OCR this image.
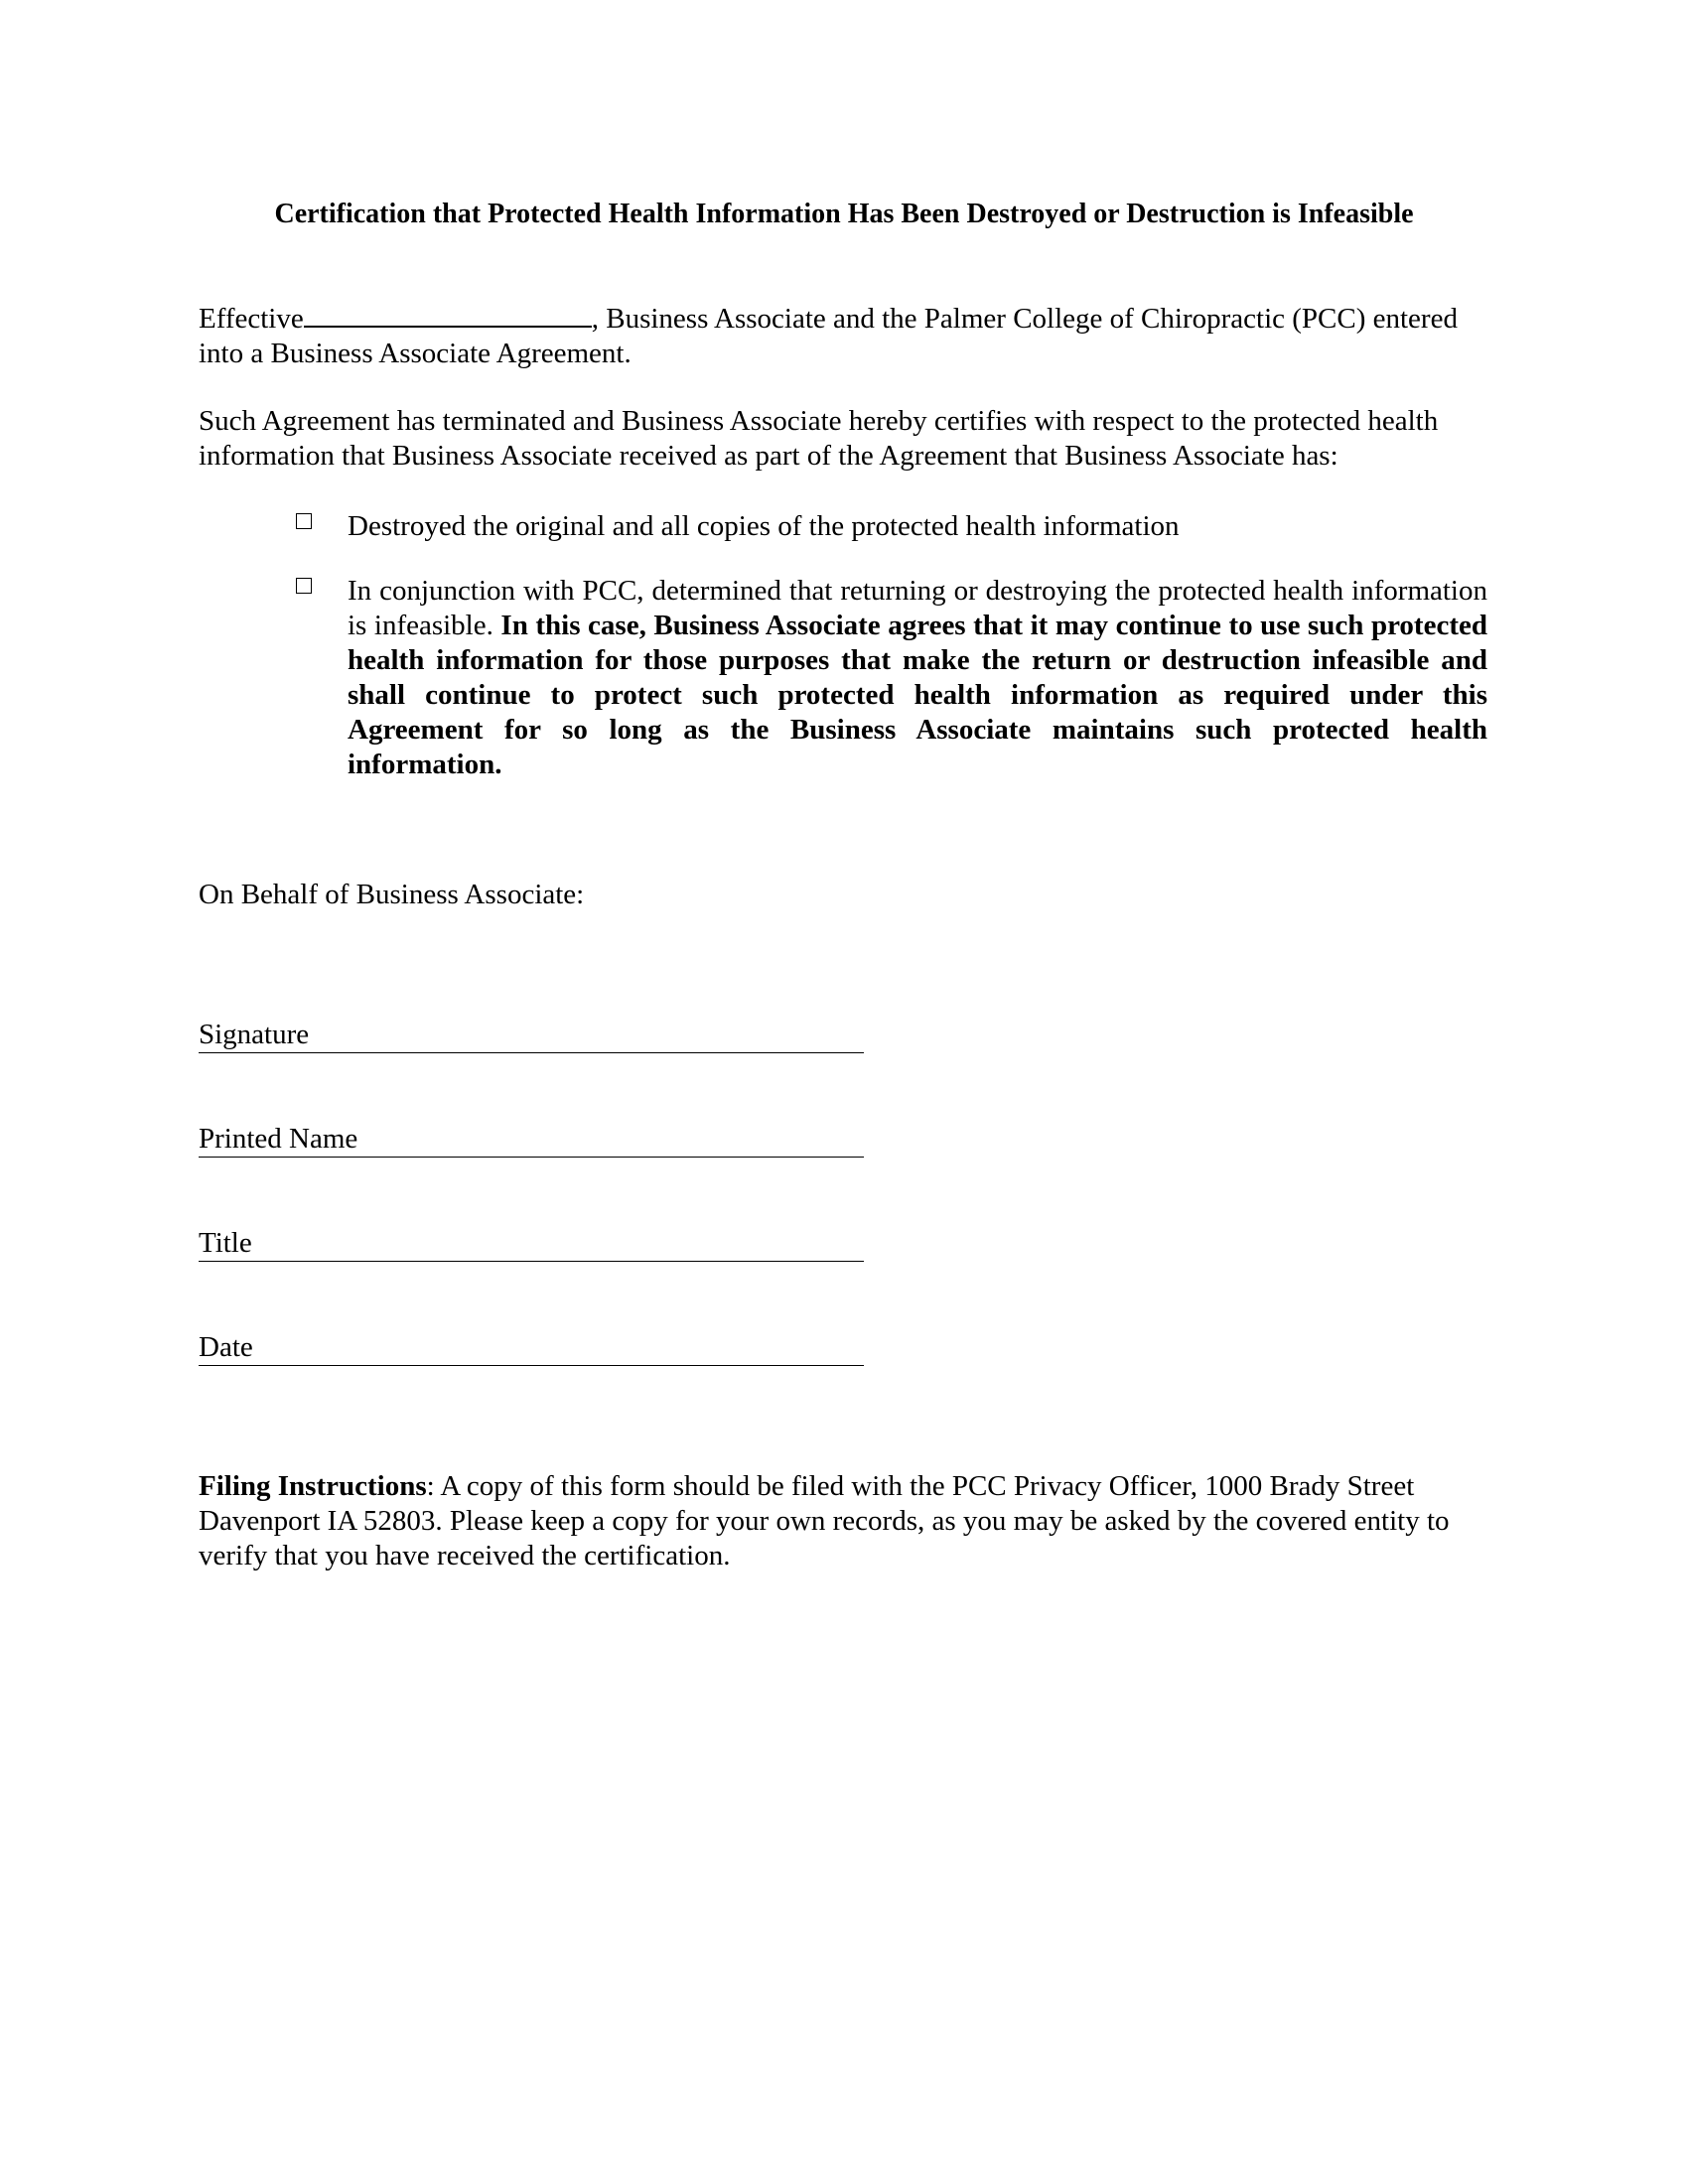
Certification that Protected Health Information Has Been Destroyed or Destruction is Infeasible
Effective	, Business Associate and the Palmer College of Chiropractic (PCC) entered into a Business Associate Agreement.
Such Agreement has terminated and Business Associate hereby certifies with respect to the protected health information that Business Associate received as part of the Agreement that Business Associate has:
Destroyed the original and all copies of the protected health information
In conjunction with PCC, determined that returning or destroying the protected health information is infeasible. In this case, Business Associate agrees that it may continue to use such protected health information for those purposes that make the return or destruction infeasible and shall continue to protect such protected health information as required under this Agreement for so long as the Business Associate maintains such protected health information.
On Behalf of Business Associate:
Signature
Printed Name
Title
Date
Filing Instructions: A copy of this form should be filed with the PCC Privacy Officer, 1000 Brady Street Davenport IA 52803. Please keep a copy for your own records, as you may be asked by the covered entity to verify that you have received the certification.
